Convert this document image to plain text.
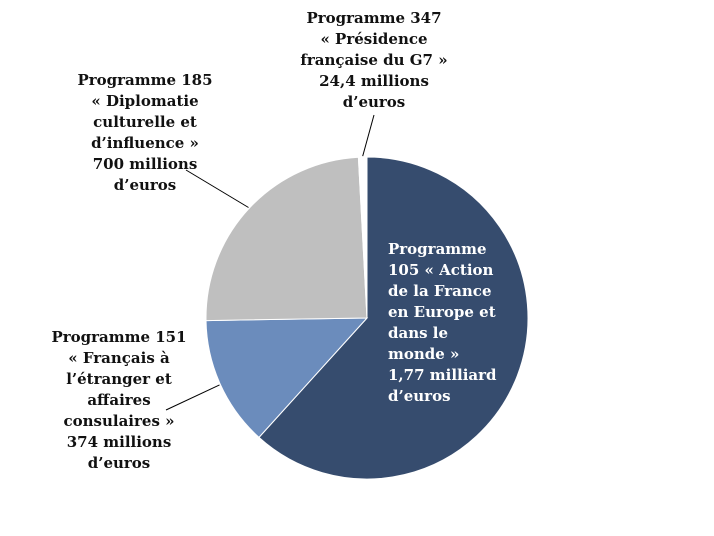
Programme
105 « Action
de la France
en Europe et
dans le
monde »
1,77 milliard
d’euros
Programme 151
« Français à
l’étranger et
affaires
consulaires »
374 millions
d’euros
Programme 185
« Diplomatie
culturelle et
d’influence »
700 millions
d’euros
Programme 347
« Présidence
française du G7 »
24,4 millions
d’euros
